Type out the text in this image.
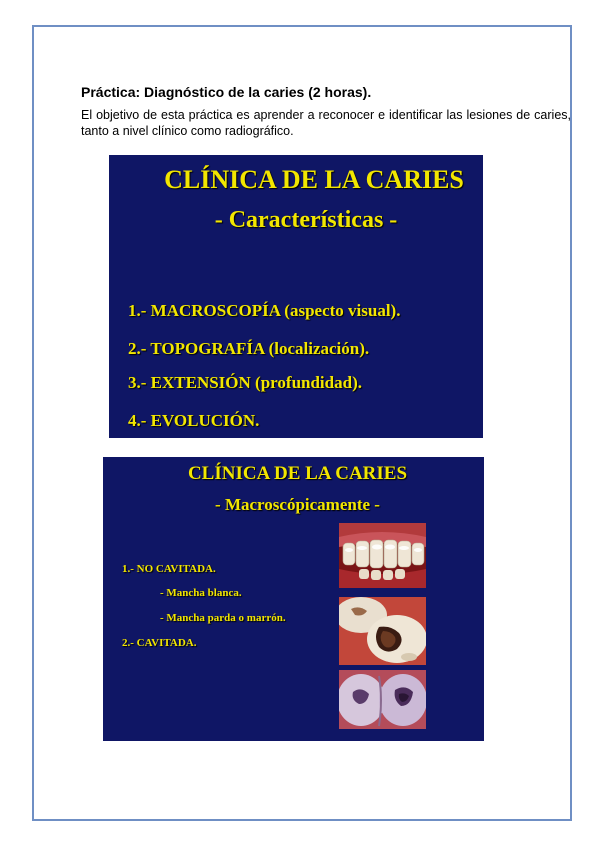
Práctica: Diagnóstico de la caries (2 horas).
El objetivo de esta práctica es aprender a reconocer e identificar las lesiones de caries, tanto a nivel clínico como radiográfico.
CLÍNICA DE LA CARIES
- Características -
1.- MACROSCOPÍA (aspecto visual).
2.- TOPOGRAFÍA (localización).
3.- EXTENSIÓN (profundidad).
4.- EVOLUCIÓN.
CLÍNICA DE LA CARIES
- Macroscópicamente -
1.- NO CAVITADA.
- Mancha blanca.
- Mancha parda o marrón.
2.- CAVITADA.
